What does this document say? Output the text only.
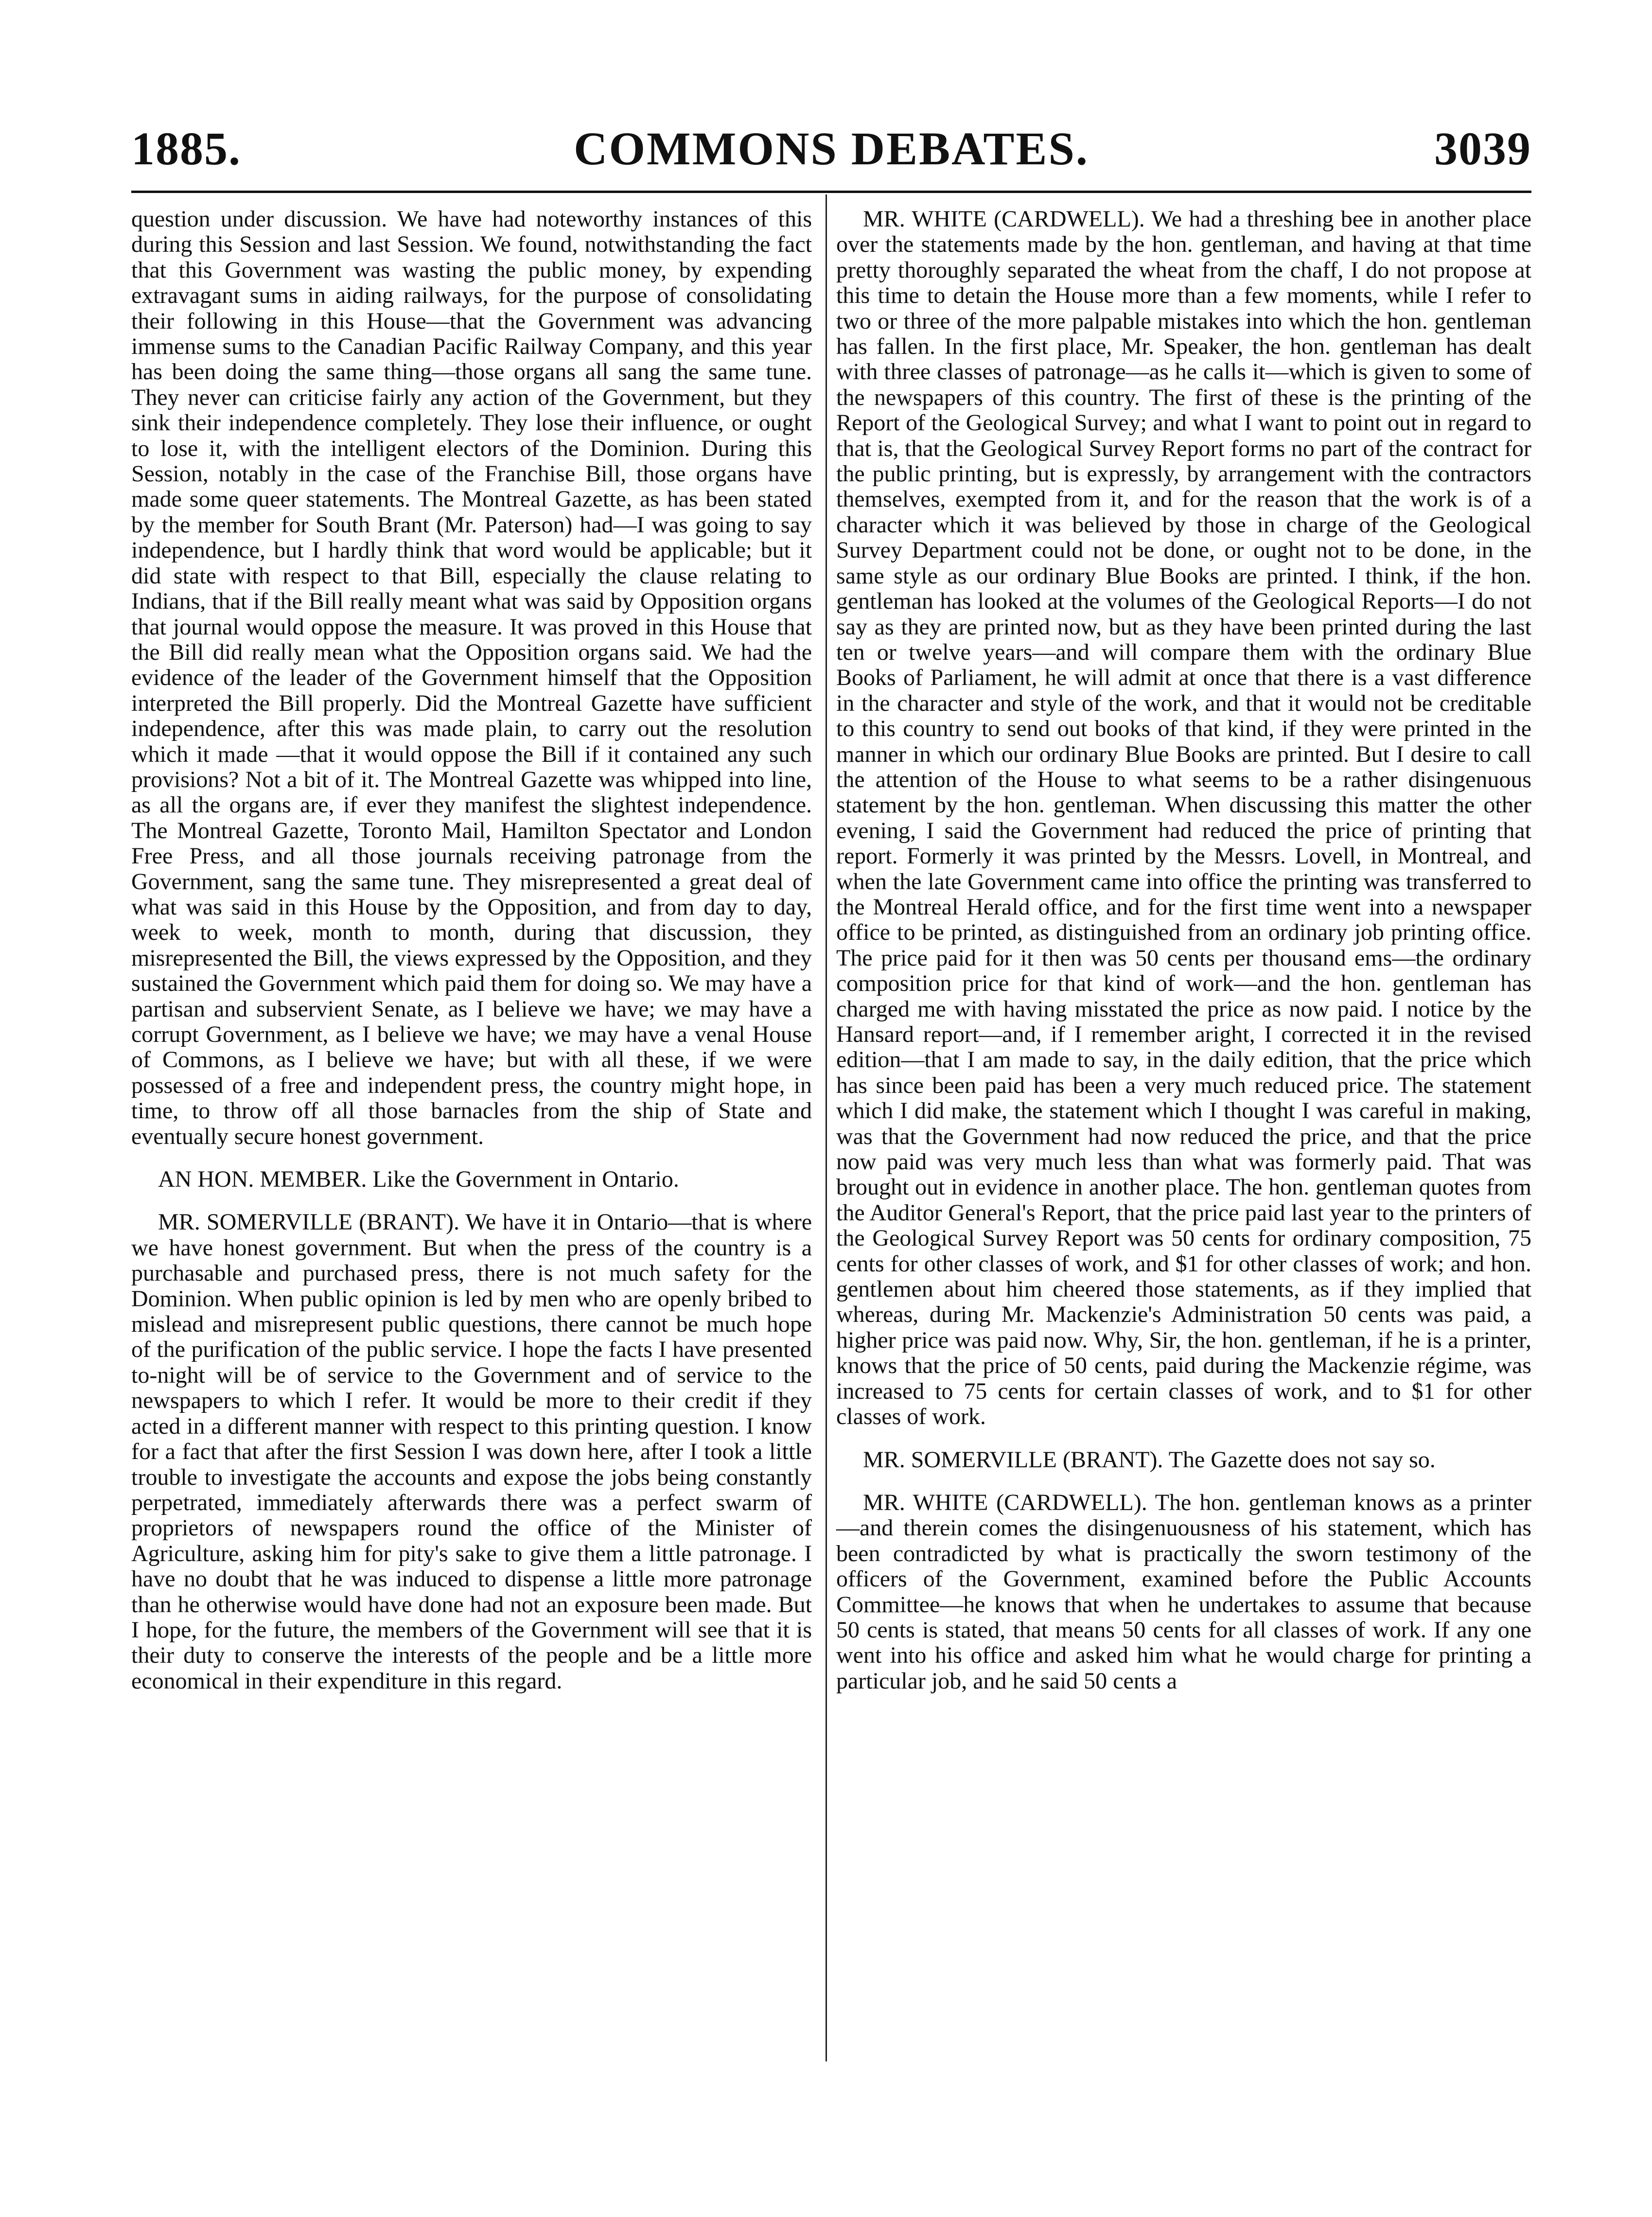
1885.	COMMONS DEBATES.	3039

question under discussion. We have had noteworthy instances of this during this Session and last Session. We found, notwithstanding the fact that this Government was wasting the public money, by expending extravagant sums in aiding railways, for the purpose of consolidating their following in this House—that the Government was advancing immense sums to the Canadian Pacific Railway Company, and this year has been doing the same thing—those organs all sang the same tune. They never can criticise fairly any action of the Government, but they sink their independence completely. They lose their influence, or ought to lose it, with the intelligent electors of the Dominion. During this Session, notably in the case of the Franchise Bill, those organs have made some queer statements. The Montreal Gazette, as has been stated by the member for South Brant (Mr. Paterson) had—I was going to say independence, but I hardly think that word would be applicable; but it did state with respect to that Bill, especially the clause relating to Indians, that if the Bill really meant what was said by Opposition organs that journal would oppose the measure. It was proved in this House that the Bill did really mean what the Opposition organs said. We had the evidence of the leader of the Government himself that the Opposition interpreted the Bill properly. Did the Montreal Gazette have sufficient independence, after this was made plain, to carry out the resolution which it made —that it would oppose the Bill if it contained any such provisions? Not a bit of it. The Montreal Gazette was whipped into line, as all the organs are, if ever they manifest the slightest independence. The Montreal Gazette, Toronto Mail, Hamilton Spectator and London Free Press, and all those journals receiving patronage from the Government, sang the same tune. They misrepresented a great deal of what was said in this House by the Opposition, and from day to day, week to week, month to month, during that discussion, they misrepresented the Bill, the views expressed by the Opposition, and they sustained the Government which paid them for doing so. We may have a partisan and subservient Senate, as I believe we have; we may have a corrupt Government, as I believe we have; we may have a venal House of Commons, as I believe we have; but with all these, if we were possessed of a free and independent press, the country might hope, in time, to throw off all those barnacles from the ship of State and eventually secure honest government.

AN HON. MEMBER. Like the Government in Ontario.

MR. SOMERVILLE (BRANT). We have it in Ontario—that is where we have honest government. But when the press of the country is a purchasable and purchased press, there is not much safety for the Dominion. When public opinion is led by men who are openly bribed to mislead and misrepresent public questions, there cannot be much hope of the purification of the public service. I hope the facts I have presented to-night will be of service to the Government and of service to the newspapers to which I refer. It would be more to their credit if they acted in a different manner with respect to this printing question. I know for a fact that after the first Session I was down here, after I took a little trouble to investigate the accounts and expose the jobs being constantly perpetrated, immediately afterwards there was a perfect swarm of proprietors of newspapers round the office of the Minister of Agriculture, asking him for pity's sake to give them a little patronage. I have no doubt that he was induced to dispense a little more patronage than he otherwise would have done had not an exposure been made. But I hope, for the future, the members of the Government will see that it is their duty to conserve the interests of the people and be a little more economical in their expenditure in this regard.

MR. WHITE (CARDWELL). We had a threshing bee in another place over the statements made by the hon. gentleman, and having at that time pretty thoroughly separated the wheat from the chaff, I do not propose at this time to detain the House more than a few moments, while I refer to two or three of the more palpable mistakes into which the hon. gentleman has fallen. In the first place, Mr. Speaker, the hon. gentleman has dealt with three classes of patronage—as he calls it—which is given to some of the newspapers of this country. The first of these is the printing of the Report of the Geological Survey; and what I want to point out in regard to that is, that the Geological Survey Report forms no part of the contract for the public printing, but is expressly, by arrangement with the contractors themselves, exempted from it, and for the reason that the work is of a character which it was believed by those in charge of the Geological Survey Department could not be done, or ought not to be done, in the same style as our ordinary Blue Books are printed. I think, if the hon. gentleman has looked at the volumes of the Geological Reports—I do not say as they are printed now, but as they have been printed during the last ten or twelve years—and will compare them with the ordinary Blue Books of Parliament, he will admit at once that there is a vast difference in the character and style of the work, and that it would not be creditable to this country to send out books of that kind, if they were printed in the manner in which our ordinary Blue Books are printed. But I desire to call the attention of the House to what seems to be a rather disingenuous statement by the hon. gentleman. When discussing this matter the other evening, I said the Government had reduced the price of printing that report. Formerly it was printed by the Messrs. Lovell, in Montreal, and when the late Government came into office the printing was transferred to the Montreal Herald office, and for the first time went into a newspaper office to be printed, as distinguished from an ordinary job printing office. The price paid for it then was 50 cents per thousand ems—the ordinary composition price for that kind of work—and the hon. gentleman has charged me with having misstated the price as now paid. I notice by the Hansard report—and, if I remember aright, I corrected it in the revised edition—that I am made to say, in the daily edition, that the price which has since been paid has been a very much reduced price. The statement which I did make, the statement which I thought I was careful in making, was that the Government had now reduced the price, and that the price now paid was very much less than what was formerly paid. That was brought out in evidence in another place. The hon. gentleman quotes from the Auditor General's Report, that the price paid last year to the printers of the Geological Survey Report was 50 cents for ordinary composition, 75 cents for other classes of work, and $1 for other classes of work; and hon. gentlemen about him cheered those statements, as if they implied that whereas, during Mr. Mackenzie's Administration 50 cents was paid, a higher price was paid now. Why, Sir, the hon. gentleman, if he is a printer, knows that the price of 50 cents, paid during the Mackenzie régime, was increased to 75 cents for certain classes of work, and to $1 for other classes of work.

MR. SOMERVILLE (BRANT). The Gazette does not say so.

MR. WHITE (CARDWELL). The hon. gentleman knows as a printer—and therein comes the disingenuousness of his statement, which has been contradicted by what is practically the sworn testimony of the officers of the Government, examined before the Public Accounts Committee—he knows that when he undertakes to assume that because 50 cents is stated, that means 50 cents for all classes of work. If any one went into his office and asked him what he would charge for printing a particular job, and he said 50 cents a
